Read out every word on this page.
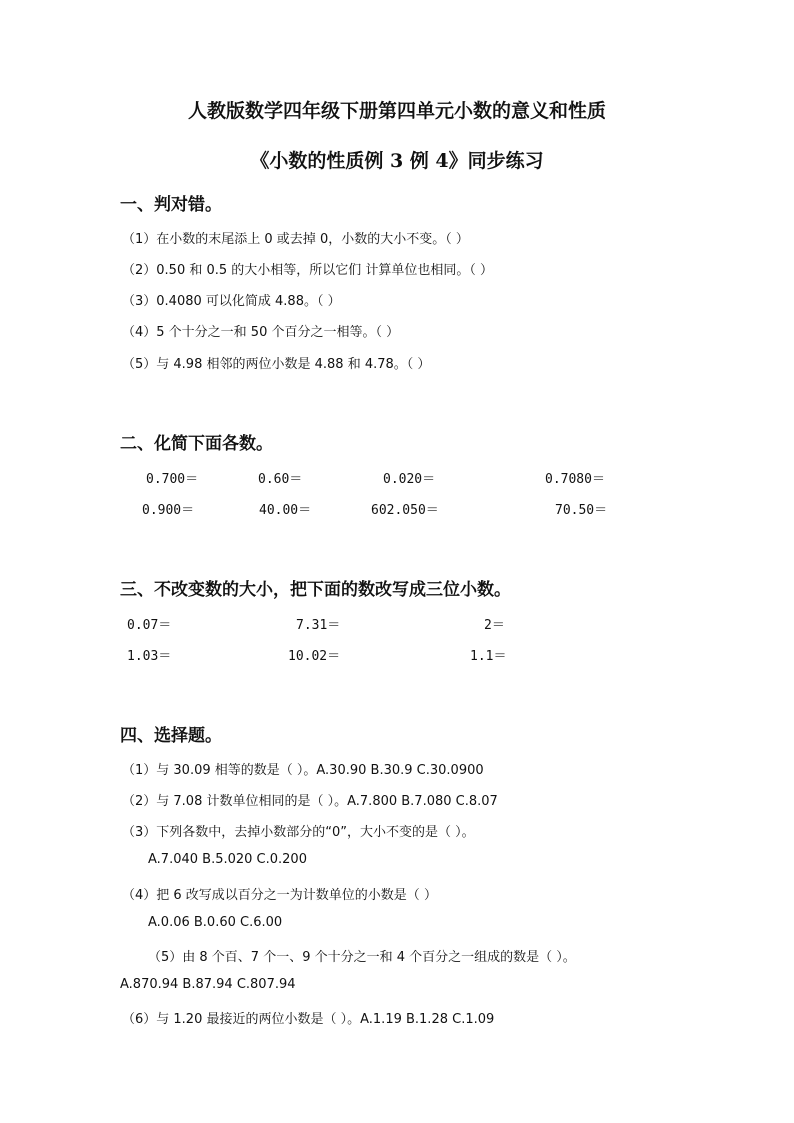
人教版数学四年级下册第四单元小数的意义和性质
《小数的性质例 3 例 4》同步练习
一、判对错。
（1）在小数的末尾添上 0 或去掉 0，小数的大小不变。（ ）
（2）0.50 和 0.5 的大小相等，所以它们 计算单位也相同。（ ）
（3）0.4080 可以化简成 4.88。（ ）
（4）5 个十分之一和 50 个百分之一相等。（ ）
（5）与 4.98 相邻的两位小数是 4.88 和 4.78。（ ）
二、化简下面各数。
0.700＝	0.60＝	0.020＝	0.7080＝
0.900＝	40.00＝	602.050＝	70.50＝
三、不改变数的大小，把下面的数改写成三位小数。
0.07＝	7.31＝	2＝
1.03＝	10.02＝	1.1＝
四、选择题。
（1）与 30.09 相等的数是（ ）。A.30.90 B.30.9 C.30.0900
（2）与 7.08 计数单位相同的是（ ）。A.7.800 B.7.080 C.8.07
（3）下列各数中，去掉小数部分的“0”，大小不变的是（ ）。
A.7.040 B.5.020 C.0.200
（4）把 6 改写成以百分之一为计数单位的小数是（ ）
A.0.06 B.0.60 C.6.00
（5）由 8 个百、7 个一、9 个十分之一和 4 个百分之一组成的数是（ ）。
A.870.94 B.87.94 C.807.94
（6）与 1.20 最接近的两位小数是（ ）。A.1.19 B.1.28 C.1.09
